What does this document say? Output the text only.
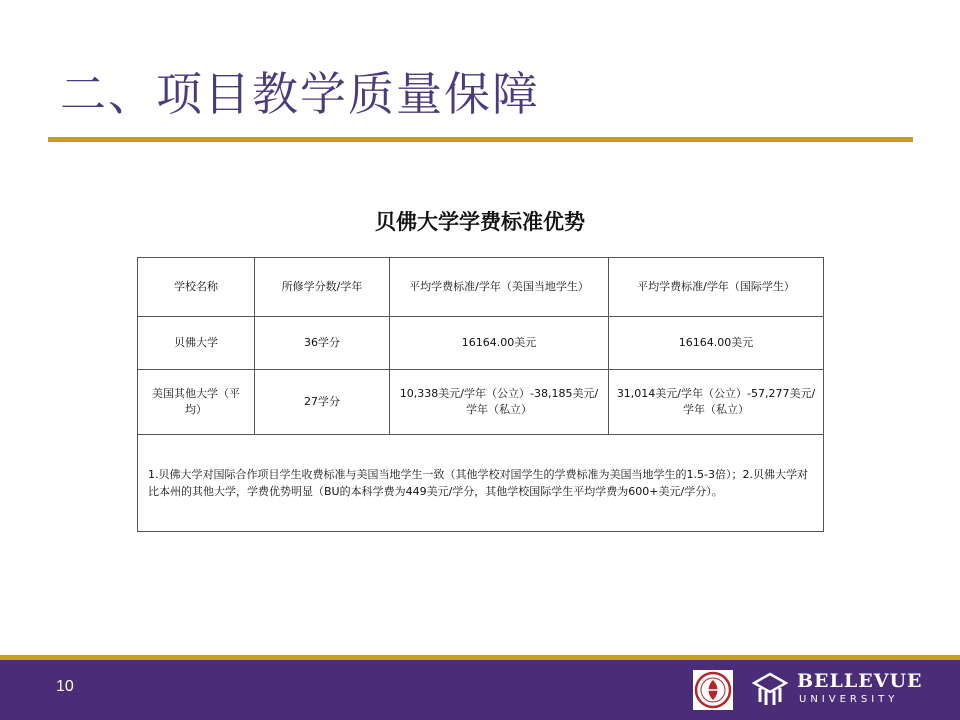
二、项目教学质量保障
贝佛大学学费标准优势
学校名称	所修学分数/学年	平均学费标准/学年（美国当地学生）	平均学费标准/学年（国际学生）
贝佛大学	36学分	16164.00美元	16164.00美元
美国其他大学（平均）	27学分	10,338美元/学年（公立）-38,185美元/学年（私立）	31,014美元/学年（公立）-57,277美元/学年（私立）
1.贝佛大学对国际合作项目学生收费标准与美国当地学生一致（其他学校对国学生的学费标准为美国当地学生的1.5-3倍）；2.贝佛大学对比本州的其他大学，学费优势明显（BU的本科学费为449美元/学分，其他学校国际学生平均学费为600+美元/学分）。			
10	BELLEVUE
UNIVERSITY
